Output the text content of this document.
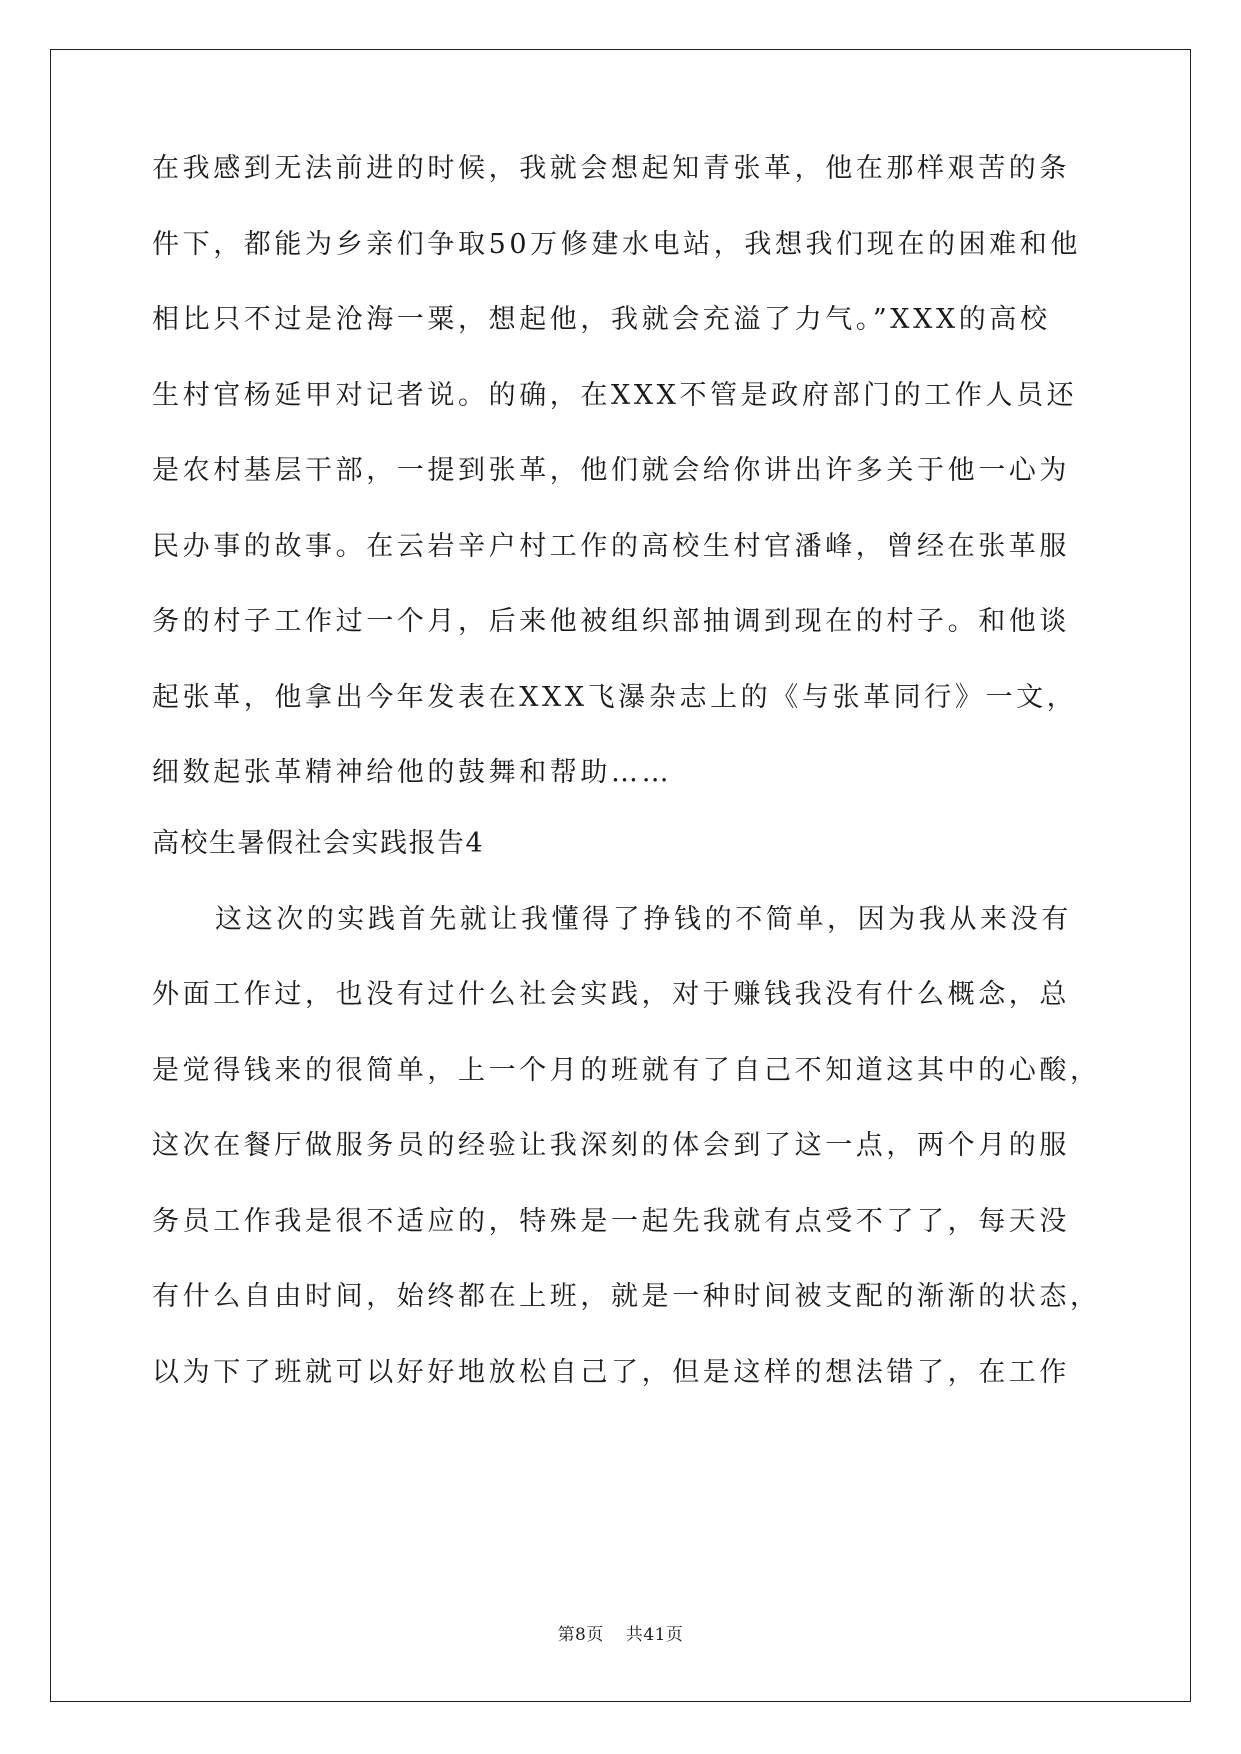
在我感到无法前进的时候，我就会想起知青张革，他在那样艰苦的条
件下，都能为乡亲们争取50万修建水电站，我想我们现在的困难和他
相比只不过是沧海一粟，想起他，我就会充溢了力气。”XXX的高校
生村官杨延甲对记者说。的确，在XXX不管是政府部门的工作人员还
是农村基层干部，一提到张革，他们就会给你讲出许多关于他一心为
民办事的故事。在云岩辛户村工作的高校生村官潘峰，曾经在张革服
务的村子工作过一个月，后来他被组织部抽调到现在的村子。和他谈
起张革，他拿出今年发表在XXX飞瀑杂志上的《与张革同行》一文，
细数起张革精神给他的鼓舞和帮助……
高校生暑假社会实践报告4
这这次的实践首先就让我懂得了挣钱的不简单，因为我从来没有
外面工作过，也没有过什么社会实践，对于赚钱我没有什么概念，总
是觉得钱来的很简单，上一个月的班就有了自己不知道这其中的心酸，
这次在餐厅做服务员的经验让我深刻的体会到了这一点，两个月的服
务员工作我是很不适应的，特殊是一起先我就有点受不了了，每天没
有什么自由时间，始终都在上班，就是一种时间被支配的渐渐的状态，
以为下了班就可以好好地放松自己了，但是这样的想法错了，在工作
第8页 共41页
